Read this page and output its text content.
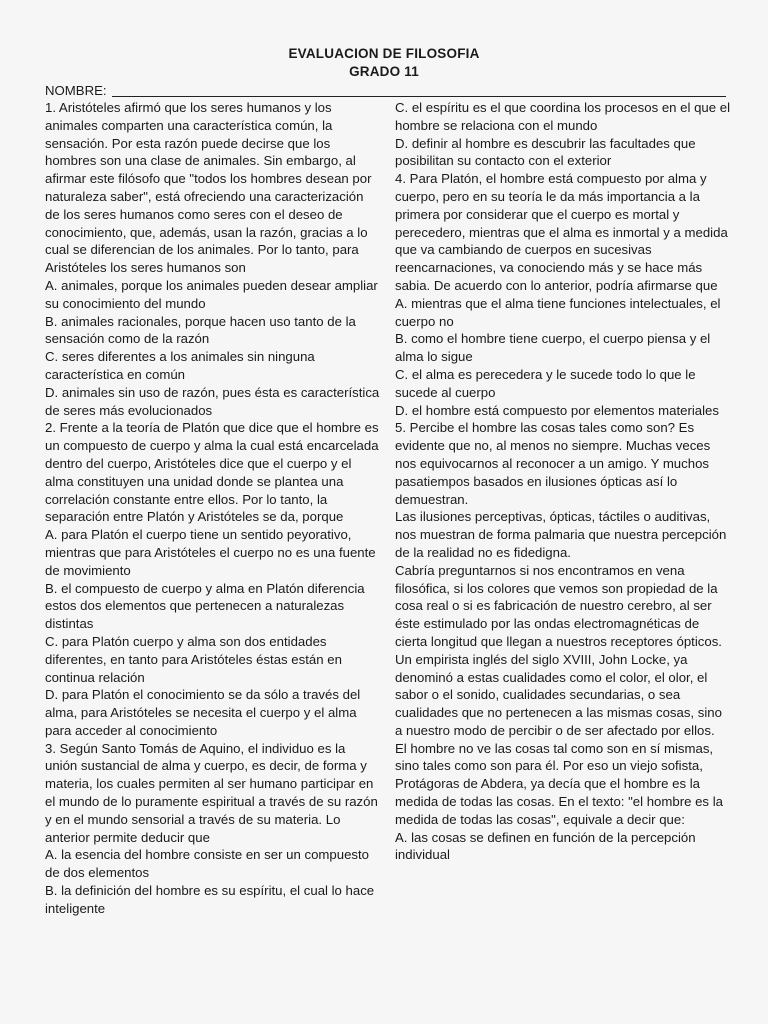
EVALUACION DE FILOSOFIA
GRADO 11
NOMBRE:

1. Aristóteles afirmó que los seres humanos y los animales comparten una característica común, la sensación. Por esta razón puede decirse que los hombres son una clase de animales. Sin embargo, al afirmar este filósofo que "todos los hombres desean por naturaleza saber", está ofreciendo una caracterización de los seres humanos como seres con el deseo de conocimiento, que, además, usan la razón, gracias a lo cual se diferencian de los animales. Por lo tanto, para Aristóteles los seres humanos son

A. animales, porque los animales pueden desear ampliar su conocimiento del mundo

B. animales racionales, porque hacen uso tanto de la sensación como de la razón

C. seres diferentes a los animales sin ninguna característica en común

D. animales sin uso de razón, pues ésta es característica de seres más evolucionados

2. Frente a la teoría de Platón que dice que el hombre es un compuesto de cuerpo y alma la cual está encarcelada dentro del cuerpo, Aristóteles dice que el cuerpo y el alma constituyen una unidad donde se plantea una correlación constante entre ellos. Por lo tanto, la separación entre Platón y Aristóteles se da, porque

A. para Platón el cuerpo tiene un sentido peyorativo, mientras que para Aristóteles el cuerpo no es una fuente de movimiento

B. el compuesto de cuerpo y alma en Platón diferencia estos dos elementos que pertenecen a naturalezas distintas

C. para Platón cuerpo y alma son dos entidades diferentes, en tanto para Aristóteles éstas están en continua relación

D. para Platón el conocimiento se da sólo a través del alma, para Aristóteles se necesita el cuerpo y el alma para acceder al conocimiento

3. Según Santo Tomás de Aquino, el individuo es la unión sustancial de alma y cuerpo, es decir, de forma y materia, los cuales permiten al ser humano participar en el mundo de lo puramente espiritual a través de su razón y en el mundo sensorial a través de su materia. Lo anterior permite deducir que

A. la esencia del hombre consiste en ser un compuesto de dos elementos

B. la definición del hombre es su espíritu, el cual lo hace inteligente

C. el espíritu es el que coordina los procesos en el que el hombre se relaciona con el mundo

D. definir al hombre es descubrir las facultades que posibilitan su contacto con el exterior

4. Para Platón, el hombre está compuesto por alma y cuerpo, pero en su teoría le da más importancia a la primera por considerar que el cuerpo es mortal y perecedero, mientras que el alma es inmortal y a medida que va cambiando de cuerpos en sucesivas reencarnaciones, va conociendo más y se hace más sabia. De acuerdo con lo anterior, podría afirmarse que

A. mientras que el alma tiene funciones intelectuales, el cuerpo no

B. como el hombre tiene cuerpo, el cuerpo piensa y el alma lo sigue

C. el alma es perecedera y le sucede todo lo que le sucede al cuerpo

D. el hombre está compuesto por elementos materiales

5. Percibe el hombre las cosas tales como son? Es evidente que no, al menos no siempre. Muchas veces nos equivocarnos al reconocer a un amigo. Y muchos pasatiempos basados en ilusiones ópticas así lo demuestran.

Las ilusiones perceptivas, ópticas, táctiles o auditivas, nos muestran de forma palmaria que nuestra percepción de la realidad no es fidedigna.

Cabría preguntarnos si nos encontramos en vena filosófica, si los colores que vemos son propiedad de la cosa real o si es fabricación de nuestro cerebro, al ser éste estimulado por las ondas electromagnéticas de cierta longitud que llegan a nuestros receptores ópticos.

Un empirista inglés del siglo XVIII, John Locke, ya denominó a estas cualidades como el color, el olor, el sabor o el sonido, cualidades secundarias, o sea cualidades que no pertenecen a las mismas cosas, sino a nuestro modo de percibir o de ser afectado por ellos.

El hombre no ve las cosas tal como son en sí mismas, sino tales como son para él. Por eso un viejo sofista, Protágoras de Abdera, ya decía que el hombre es la medida de todas las cosas. En el texto: "el hombre es la medida de todas las cosas", equivale a decir que:

A. las cosas se definen en función de la percepción individual
